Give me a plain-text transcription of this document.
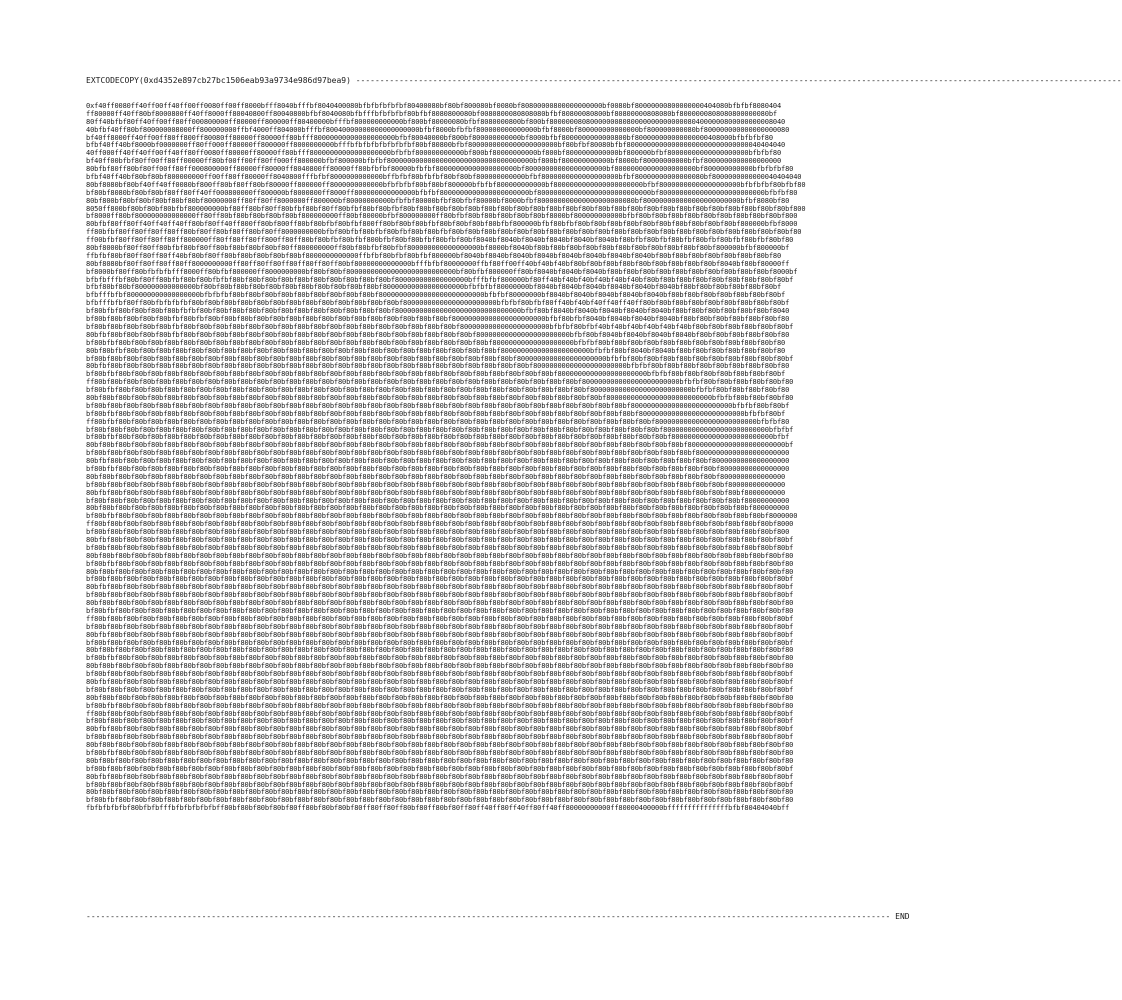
EXTCODECOPY(0xd4352e897cb27bc1506eab93a9734e986d97bea9) ---------------------------------------------------------------------------------------------------------------------------------------------------------------
0xf40ff0080ff40ff00ff40ff00ff0080ff00ff8000bfff8040bfffbf8040400080bfbfbfbfbfbf80400080bf80bf800080bf0080bf80800000800000000000bf0080bf80000000800000000404080bfbfbf8080404
ff80000ff40ff80bf8000800ff40ff8000ff80040800ff80040800bfbf8040080bfbfffbfbfbfbf80bfbf8080800080bf0080800080808080bfbf80800080800bf80800000808080bf8000000808080800000080bf
80ff40bfbf80ff40ff00ff80ff000800000ff80000ff800000ff80400000bfffbf800000000000bf800bf80000080bfbf8080000800bf800bf8000000808000000080800000000000000804000000800000000008040
40bfbf40ff80bf800000008000ff800000000ffbf4000ff804000bfffbf80040000000000000000000bfbf8000bfbfbf800000000000000bfbf8000bf800000000000000bf800000000080bf800000000000000000080
bf40ff8000ff40ff00ff80ff800ff80080ff80000ff80000ff80bfff80000000000000000000bfbf80040000bf800bf800000000000bf8000bfbf8000000000000800bf800000000000000000408000bfbfbfbf80
bfbf40ff40bf8000bf0000000ff80ff000ff80000ff800000ff8000000000bfffbfbfbfbfbfbfbfbf80bf80800bfbf8000000000000000000000bf80bfbf80080bfbf800000000000000000000000000000040404040
40ff000ff40ff40ff00ff40ff80ff0080ff80000ff80000ff80bfff80000000000000000000bfbfbf800000000000bf800bf80000000000bf800bf8000000000000bf800000bfbf80000000000000000000bfbfbf80
bf40ff00bfbf80ff00ff80ff00000ff80bf00ff00ff80ff000ff800000bfbf800000bfbfbf800000000000000000000000000000000000bf800bf800000000000bf8000bf80000000000bfbf8000000000000000000
80bfbf80ff80bf80ff00ff80ff000800000ff80000ff80000ff8040800ff80000ff80bfbfbf80000bfbfbf80000000000000000000bf80000000000000000000bf80000000000000000000bf800000000000bfbfbfbf80
bfbf40ff40bf80bf80bf800000000ff00ff80ff80000ff8040800fffbfbf8000000000000bffbfbf80bfbfbf80bf80bf800000000000bfbf8000000000000000000bfbf80000000000000080bf8000000000000040404040
80bf8080bf80bf40ff40ff0080bf800ff80bf80ff80bf80000ff800000ff8000000000000bfbfbfbf80bf80bf800000bfbfbf800000000000bf8000000000000000000000bfbf80000000000000000000bfbfbfbf80bfbf80
bf80bf8080bf80bf80bf80ff80ff40ff000800000ff800000bf8000800ff8000ff800000000000000bfbfbf8000000000000000000000bf8000000000000000000000000000bf80000000000000000000000000bfbfbf80
80bf800bf80bf80bf80bf80bf80bf80000000ff80ff80ff8000000ff800000bf80000000000bfbfbf80000bfbf80bfbf80000bf8000bfbf800000000000000000000080bf800000000000000000000000bfbf8080bf80
8050ff800bf80bf80bf80bfbf800000000bf80ff80bf80ff80bfbf80bf80ff80bfbf80bf80bfbf80bf80bf80bf80bf80bf80bf80bf80bf80bf80bf80bf80bf80bf80bf80bf80bf80bf80bf80bf80bf80bf80bf80bf80bf800
bf8000ff80bf800000000000000ff80ff80bf80bf80bf80bf80bf800000000ff80bf80000bfbf800000000ff80bfbf80bf80bf80bf80bf80bf8000bf800000000000bfbf80bf80bf80bf80bf80bf80bf80bf80bf80bf800
80bfbf80ff80ff40ff40ff40ff80bf80ff40ff800ff80bf800ff80bf80bfbf80bfbf800ff80bf80bf80bfbf80bf80bf80bf80bfbf800000bfbf80bfbf80bf80bf80bf80bf80bf80bf80bf80bf80bf80bf800000bfbf8000
ff80bfbf80ff80ff80ff80ff80bf80ff80bf80ff80bf80ff8000000000bfbf80bfbf80bfbf80bfbf80bf80bfbf80bf80bf80bf80bf80bf80bf80bf80bf80bf80bf80bf80bf80bf80bf80bf80bf80bf80bf80bf80bf80bf80
ff00bfbf80ff80ff80ff80ff800000ff80ff80ff80ff800ff80ff80bf80bfbf80bfbf800bfbf80bf80bfbf80bfbf80bf8040bf8040bf8040bf8040bf8040bf8040bf80bfbf80bfbf80bfbf80bfbf80bfbf80bfbf80bf80
80bf8000bf80ff80ff80bfbf80bf80ff80bf80bf80bf80bf80ff800000000ff80bf80bfbf80bfbf800000000000000000bf8000bf8040bf80bf80bf80bf80bf80bf80bf80bf80bf80bf80bf80bf800000bfbf800000bf
ffbfbf80bf80ff80ff80ff40bf80bf80ff80bf80bf80bf80bf80bf8000000000000ffbfbf80bfbf80bfbf800000bf8040bf8040bf8040bf8040bf8040bf8040bf8040bf8040bf80bf80bf80bf80bf80bf80bf80bf80
80bf8080bf80ff80ff80ff80ff8000000000ff80ff80ff80ff80ff80ff80ff80bf80000000000000bfffbfbf80000000ffbf80ff00ff40bf40bf40bf80bf80bf80bf80bf80bf80bf80bf80bf80bf8040bf80bf80000ff
bf8000bf80ff80bfbfbfbfff8000ff80bfbf800000ff8000000000bf80bf80bf800000000000000000000000000bf80bfbf800000ff80bf8040bf8040bf8040bf80bf80bf80bf80bf80bf80bf80bf80bf80bf80bf8000bf
bfbfbfffbf80bf80ff80bfbf80bf80bfbfbf80bf80bf80bf80bf80bf80bf80bf80bf80bf80bf800000000000000000bfffbfbf800000bf80ff40bf40bf40bf40bf40bf40bf80bf80bf80bf80bf80bf80bf80bf80bf80bf
bfbf80bf80bf800000000000000bf80bf80bf80bf80bf80bf80bf80bf80bf80bf80bf80bf80000000000000000000bfbfbfbf80000000bf8040bf8040bf8040bf8040bf8040bf8040bf80bf80bf80bf80bf80bf80bf
bfbfffbfbf800000000000000000bfbfbfbf80bf80bf80bf80bf80bf80bf80bf80bf80bf80000000000000000000000000bfbfbf80000000bf8040bf8040bf8040bf8040bf8040bf80bf80bf80bf80bf80bf80bf80bf
bfbfffbfbf80ff80bfbfbfbfbf80bf80bf80bf80bf80bf80bf80bf80bf80bf80bf80bf80bf80bf80000000000000000000000bfbfbf80bfbf80ff40bf40bf40ff40ff40ff80bf80bf80bf80bf80bf80bf80bf80bf80bf
bf80bfbf80bf80bf80bf80bfbfbf80bf80bf80bf80bf80bf80bf80bf80bf80bf80bf80bf80bf8000000000000000000000000000000bfbf80bf8040bf8040bf8040bf8040bf8040bf80bf80bf80bf80bf80bf80bf8040
bf80bf80bf80bf80bf80bfbf80bfbf80bf80bf80bf80bf80bf80bf80bf80bf80bf80bf80bf80bf80bf80bf80bf80000000000000000000000bfbf80bfbf8040bf8040bf8040bf8040bf80bf80bf80bf80bf80bf80bf80
bf80bf80bf80bf80bf80bfbf80bf80bf80bf80bf80bf80bf80bf80bf80bf80bf80bf80bf80bf80bf80bf80bf80bf8000000000000000000000bfbfbf80bfbf40bf40bf40bf40bf40bf40bf80bf80bf80bf80bf80bf80bf
80bfbf80bf80bf80bf80bfbf80bf80bf80bf80bf80bf80bf80bf80bf80bf80bf80bf80bf80bf80bf80bf80bf80bf80bf80000000000000000000000bfbf80bf8040bf8040bf8040bf8040bf80bf80bf80bf80bf80bf80
bf80bfbf80bf80bf80bf80bf80bf80bf80bf80bf80bf80bf80bf80bf80bf80bf80bf80bf80bf80bf80bf80bf80bf80bf80bf80000000000000000000bfbfbf80bf80bf80bf80bf80bf80bf80bf80bf80bf80bf80bf80
80bf80bfbf80bf80bf80bf80bf80bf80bf80bf80bf80bf80bf80bf80bf80bf80bf80bf80bf80bf80bf80bf80bf80bf80bf80bf8000000000000000000000bfbfbf80bf8040bf8040bf80bf80bf80bf80bf80bf80bf80
bf80bf80bf80bf80bf80bf80bf80bf80bf80bf80bf80bf80bf80bf80bf80bf80bf80bf80bf80bf80bf80bf80bf80bf80bf80bf80bf8000000000000000000000bfbfbf80bf80bf80bf80bf80bf80bf80bf80bf80bf80bf
80bfbf80bf80bf80bf80bf80bf80bf80bf80bf80bf80bf80bf80bf80bf80bf80bf80bf80bf80bf80bf80bf80bf80bf80bf80bf80bf80bf80000000000000000000000bfbfbf80bf80bf80bf80bf80bf80bf80bf80bf80
bf80bfbf80bf80bf80bf80bf80bf80bf80bf80bf80bf80bf80bf80bf80bf80bf80bf80bf80bf80bf80bf80bf80bf80bf80bf80bf80bf80bf80bf8000000000000000000000bfbfbf80bf80bf80bf80bf80bf80bf80bf
ff80bf80bf80bf80bf80bf80bf80bf80bf80bf80bf80bf80bf80bf80bf80bf80bf80bf80bf80bf80bf80bf80bf80bf80bf80bf80bf80bf80bf80bf80bf800000000000000000000000bfbfbf80bf80bf80bf80bf80bf80
bf80bfbf80bf80bf80bf80bf80bf80bf80bf80bf80bf80bf80bf80bf80bf80bf80bf80bf80bf80bf80bf80bf80bf80bf80bf80bf80bf80bf80bf80bf80bf8000000000000000000000000bfbfbf80bf80bf80bf80bf80
80bf80bf80bf80bf80bf80bf80bf80bf80bf80bf80bf80bf80bf80bf80bf80bf80bf80bf80bf80bf80bf80bf80bf80bf80bf80bf80bf80bf80bf80bf80bf80bf80000000000000000000000000bfbfbf80bf80bf80bf80
bf80bf80bf80bf80bf80bf80bf80bf80bf80bf80bf80bf80bf80bf80bf80bf80bf80bf80bf80bf80bf80bf80bf80bf80bf80bf80bf80bf80bf80bf80bf80bf80bf80bf8000000000000000000000000bfbfbf80bf80bf
bf80bfbf80bf80bf80bf80bf80bf80bf80bf80bf80bf80bf80bf80bf80bf80bf80bf80bf80bf80bf80bf80bf80bf80bf80bf80bf80bf80bf80bf80bf80bf80bf80bf80bf80000000000000000000000000bfbfbf80bf
ff80bfbf80bf80bf80bf80bf80bf80bf80bf80bf80bf80bf80bf80bf80bf80bf80bf80bf80bf80bf80bf80bf80bf80bf80bf80bf80bf80bf80bf80bf80bf80bf80bf80bf80bf8000000000000000000000000bfbfbf80
bf80bf80bf80bf80bf80bf80bf80bf80bf80bf80bf80bf80bf80bf80bf80bf80bf80bf80bf80bf80bf80bf80bf80bf80bf80bf80bf80bf80bf80bf80bf80bf80bf80bf80bf80bf80000000000000000000000000bfbfbf
bf80bfbf80bf80bf80bf80bf80bf80bf80bf80bf80bf80bf80bf80bf80bf80bf80bf80bf80bf80bf80bf80bf80bf80bf80bf80bf80bf80bf80bf80bf80bf80bf80bf80bf80bf80bf8000000000000000000000000bfbf
80bf80bf80bf80bf80bf80bf80bf80bf80bf80bf80bf80bf80bf80bf80bf80bf80bf80bf80bf80bf80bf80bf80bf80bf80bf80bf80bf80bf80bf80bf80bf80bf80bf80bf80bf80bf80bf800000000000000000000000bf
bf80bf80bf80bf80bf80bf80bf80bf80bf80bf80bf80bf80bf80bf80bf80bf80bf80bf80bf80bf80bf80bf80bf80bf80bf80bf80bf80bf80bf80bf80bf80bf80bf80bf80bf80bf80bf80bf80000000000000000000000
80bfbf80bf80bf80bf80bf80bf80bf80bf80bf80bf80bf80bf80bf80bf80bf80bf80bf80bf80bf80bf80bf80bf80bf80bf80bf80bf80bf80bf80bf80bf80bf80bf80bf80bf80bf80bf80bf80bf8000000000000000000
bf80bfbf80bf80bf80bf80bf80bf80bf80bf80bf80bf80bf80bf80bf80bf80bf80bf80bf80bf80bf80bf80bf80bf80bf80bf80bf80bf80bf80bf80bf80bf80bf80bf80bf80bf80bf80bf80bf80bf80000000000000000
80bf80bf80bf80bf80bf80bf80bf80bf80bf80bf80bf80bf80bf80bf80bf80bf80bf80bf80bf80bf80bf80bf80bf80bf80bf80bf80bf80bf80bf80bf80bf80bf80bf80bf80bf80bf80bf80bf80bf8000000000000000
bf80bf80bf80bf80bf80bf80bf80bf80bf80bf80bf80bf80bf80bf80bf80bf80bf80bf80bf80bf80bf80bf80bf80bf80bf80bf80bf80bf80bf80bf80bf80bf80bf80bf80bf80bf80bf80bf80bf80bf80000000000000
80bfbf80bf80bf80bf80bf80bf80bf80bf80bf80bf80bf80bf80bf80bf80bf80bf80bf80bf80bf80bf80bf80bf80bf80bf80bf80bf80bf80bf80bf80bf80bf80bf80bf80bf80bf80bf80bf80bf80bf80bf8000000000
bf80bf80bf80bf80bf80bf80bf80bf80bf80bf80bf80bf80bf80bf80bf80bf80bf80bf80bf80bf80bf80bf80bf80bf80bf80bf80bf80bf80bf80bf80bf80bf80bf80bf80bf80bf80bf80bf80bf80bf80bf80000000000
80bf80bf80bf80bf80bf80bf80bf80bf80bf80bf80bf80bf80bf80bf80bf80bf80bf80bf80bf80bf80bf80bf80bf80bf80bf80bf80bf80bf80bf80bf80bf80bf80bf80bf80bf80bf80bf80bf80bf80bf80bf800000000
bf80bfbf80bf80bf80bf80bf80bf80bf80bf80bf80bf80bf80bf80bf80bf80bf80bf80bf80bf80bf80bf80bf80bf80bf80bf80bf80bf80bf80bf80bf80bf80bf80bf80bf80bf80bf80bf80bf80bf80bf80bf80bf8000000
ff80bf80bf80bf80bf80bf80bf80bf80bf80bf80bf80bf80bf80bf80bf80bf80bf80bf80bf80bf80bf80bf80bf80bf80bf80bf80bf80bf80bf80bf80bf80bf80bf80bf80bf80bf80bf80bf80bf80bf80bf80bf80bf8000
bf80bf80bf80bf80bf80bf80bf80bf80bf80bf80bf80bf80bf80bf80bf80bf80bf80bf80bf80bf80bf80bf80bf80bf80bf80bf80bf80bf80bf80bf80bf80bf80bf80bf80bf80bf80bf80bf80bf80bf80bf80bf80bf800
80bfbf80bf80bf80bf80bf80bf80bf80bf80bf80bf80bf80bf80bf80bf80bf80bf80bf80bf80bf80bf80bf80bf80bf80bf80bf80bf80bf80bf80bf80bf80bf80bf80bf80bf80bf80bf80bf80bf80bf80bf80bf80bf80bf
bf80bf80bf80bf80bf80bf80bf80bf80bf80bf80bf80bf80bf80bf80bf80bf80bf80bf80bf80bf80bf80bf80bf80bf80bf80bf80bf80bf80bf80bf80bf80bf80bf80bf80bf80bf80bf80bf80bf80bf80bf80bf80bf80bf
80bf80bf80bf80bf80bf80bf80bf80bf80bf80bf80bf80bf80bf80bf80bf80bf80bf80bf80bf80bf80bf80bf80bf80bf80bf80bf80bf80bf80bf80bf80bf80bf80bf80bf80bf80bf80bf80bf80bf80bf80bf80bf80bf80
bf80bfbf80bf80bf80bf80bf80bf80bf80bf80bf80bf80bf80bf80bf80bf80bf80bf80bf80bf80bf80bf80bf80bf80bf80bf80bf80bf80bf80bf80bf80bf80bf80bf80bf80bf80bf80bf80bf80bf80bf80bf80bf80bf80
80bf80bf80bf80bf80bf80bf80bf80bf80bf80bf80bf80bf80bf80bf80bf80bf80bf80bf80bf80bf80bf80bf80bf80bf80bf80bf80bf80bf80bf80bf80bf80bf80bf80bf80bf80bf80bf80bf80bf80bf80bf80bf80bf80
bf80bf80bf80bf80bf80bf80bf80bf80bf80bf80bf80bf80bf80bf80bf80bf80bf80bf80bf80bf80bf80bf80bf80bf80bf80bf80bf80bf80bf80bf80bf80bf80bf80bf80bf80bf80bf80bf80bf80bf80bf80bf80bf80bf
80bfbf80bf80bf80bf80bf80bf80bf80bf80bf80bf80bf80bf80bf80bf80bf80bf80bf80bf80bf80bf80bf80bf80bf80bf80bf80bf80bf80bf80bf80bf80bf80bf80bf80bf80bf80bf80bf80bf80bf80bf80bf80bf80bf
bf80bf80bf80bf80bf80bf80bf80bf80bf80bf80bf80bf80bf80bf80bf80bf80bf80bf80bf80bf80bf80bf80bf80bf80bf80bf80bf80bf80bf80bf80bf80bf80bf80bf80bf80bf80bf80bf80bf80bf80bf80bf80bf80bf
80bf80bf80bf80bf80bf80bf80bf80bf80bf80bf80bf80bf80bf80bf80bf80bf80bf80bf80bf80bf80bf80bf80bf80bf80bf80bf80bf80bf80bf80bf80bf80bf80bf80bf80bf80bf80bf80bf80bf80bf80bf80bf80bf80
bf80bfbf80bf80bf80bf80bf80bf80bf80bf80bf80bf80bf80bf80bf80bf80bf80bf80bf80bf80bf80bf80bf80bf80bf80bf80bf80bf80bf80bf80bf80bf80bf80bf80bf80bf80bf80bf80bf80bf80bf80bf80bf80bf80
ff80bf80bf80bf80bf80bf80bf80bf80bf80bf80bf80bf80bf80bf80bf80bf80bf80bf80bf80bf80bf80bf80bf80bf80bf80bf80bf80bf80bf80bf80bf80bf80bf80bf80bf80bf80bf80bf80bf80bf80bf80bf80bf80bf
bf80bf80bf80bf80bf80bf80bf80bf80bf80bf80bf80bf80bf80bf80bf80bf80bf80bf80bf80bf80bf80bf80bf80bf80bf80bf80bf80bf80bf80bf80bf80bf80bf80bf80bf80bf80bf80bf80bf80bf80bf80bf80bf80bf
80bfbf80bf80bf80bf80bf80bf80bf80bf80bf80bf80bf80bf80bf80bf80bf80bf80bf80bf80bf80bf80bf80bf80bf80bf80bf80bf80bf80bf80bf80bf80bf80bf80bf80bf80bf80bf80bf80bf80bf80bf80bf80bf80bf
bf80bf80bf80bf80bf80bf80bf80bf80bf80bf80bf80bf80bf80bf80bf80bf80bf80bf80bf80bf80bf80bf80bf80bf80bf80bf80bf80bf80bf80bf80bf80bf80bf80bf80bf80bf80bf80bf80bf80bf80bf80bf80bf80bf
80bf80bf80bf80bf80bf80bf80bf80bf80bf80bf80bf80bf80bf80bf80bf80bf80bf80bf80bf80bf80bf80bf80bf80bf80bf80bf80bf80bf80bf80bf80bf80bf80bf80bf80bf80bf80bf80bf80bf80bf80bf80bf80bf80
bf80bfbf80bf80bf80bf80bf80bf80bf80bf80bf80bf80bf80bf80bf80bf80bf80bf80bf80bf80bf80bf80bf80bf80bf80bf80bf80bf80bf80bf80bf80bf80bf80bf80bf80bf80bf80bf80bf80bf80bf80bf80bf80bf80
80bf80bf80bf80bf80bf80bf80bf80bf80bf80bf80bf80bf80bf80bf80bf80bf80bf80bf80bf80bf80bf80bf80bf80bf80bf80bf80bf80bf80bf80bf80bf80bf80bf80bf80bf80bf80bf80bf80bf80bf80bf80bf80bf80
bf80bf80bf80bf80bf80bf80bf80bf80bf80bf80bf80bf80bf80bf80bf80bf80bf80bf80bf80bf80bf80bf80bf80bf80bf80bf80bf80bf80bf80bf80bf80bf80bf80bf80bf80bf80bf80bf80bf80bf80bf80bf80bf80bf
80bfbf80bf80bf80bf80bf80bf80bf80bf80bf80bf80bf80bf80bf80bf80bf80bf80bf80bf80bf80bf80bf80bf80bf80bf80bf80bf80bf80bf80bf80bf80bf80bf80bf80bf80bf80bf80bf80bf80bf80bf80bf80bf80bf
bf80bf80bf80bf80bf80bf80bf80bf80bf80bf80bf80bf80bf80bf80bf80bf80bf80bf80bf80bf80bf80bf80bf80bf80bf80bf80bf80bf80bf80bf80bf80bf80bf80bf80bf80bf80bf80bf80bf80bf80bf80bf80bf80bf
80bf80bf80bf80bf80bf80bf80bf80bf80bf80bf80bf80bf80bf80bf80bf80bf80bf80bf80bf80bf80bf80bf80bf80bf80bf80bf80bf80bf80bf80bf80bf80bf80bf80bf80bf80bf80bf80bf80bf80bf80bf80bf80bf80
bf80bfbf80bf80bf80bf80bf80bf80bf80bf80bf80bf80bf80bf80bf80bf80bf80bf80bf80bf80bf80bf80bf80bf80bf80bf80bf80bf80bf80bf80bf80bf80bf80bf80bf80bf80bf80bf80bf80bf80bf80bf80bf80bf80
ff80bf80bf80bf80bf80bf80bf80bf80bf80bf80bf80bf80bf80bf80bf80bf80bf80bf80bf80bf80bf80bf80bf80bf80bf80bf80bf80bf80bf80bf80bf80bf80bf80bf80bf80bf80bf80bf80bf80bf80bf80bf80bf80bf
bf80bf80bf80bf80bf80bf80bf80bf80bf80bf80bf80bf80bf80bf80bf80bf80bf80bf80bf80bf80bf80bf80bf80bf80bf80bf80bf80bf80bf80bf80bf80bf80bf80bf80bf80bf80bf80bf80bf80bf80bf80bf80bf80bf
80bfbf80bf80bf80bf80bf80bf80bf80bf80bf80bf80bf80bf80bf80bf80bf80bf80bf80bf80bf80bf80bf80bf80bf80bf80bf80bf80bf80bf80bf80bf80bf80bf80bf80bf80bf80bf80bf80bf80bf80bf80bf80bf80bf
bf80bf80bf80bf80bf80bf80bf80bf80bf80bf80bf80bf80bf80bf80bf80bf80bf80bf80bf80bf80bf80bf80bf80bf80bf80bf80bf80bf80bf80bf80bf80bf80bf80bf80bf80bf80bf80bf80bf80bf80bf80bf80bf80bf
80bf80bf80bf80bf80bf80bf80bf80bf80bf80bf80bf80bf80bf80bf80bf80bf80bf80bf80bf80bf80bf80bf80bf80bf80bf80bf80bf80bf80bf80bf80bf80bf80bf80bf80bf80bf80bf80bf80bf80bf80bf80bf80bf80
bf80bfbf80bf80bf80bf80bf80bf80bf80bf80bf80bf80bf80bf80bf80bf80bf80bf80bf80bf80bf80bf80bf80bf80bf80bf80bf80bf80bf80bf80bf80bf80bf80bf80bf80bf80bf80bf80bf80bf80bf80bf80bf80bf80
80bf80bf80bf80bf80bf80bf80bf80bf80bf80bf80bf80bf80bf80bf80bf80bf80bf80bf80bf80bf80bf80bf80bf80bf80bf80bf80bf80bf80bf80bf80bf80bf80bf80bf80bf80bf80bf80bf80bf80bf80bf80bf80bf80
bf80bf80bf80bf80bf80bf80bf80bf80bf80bf80bf80bf80bf80bf80bf80bf80bf80bf80bf80bf80bf80bf80bf80bf80bf80bf80bf80bf80bf80bf80bf80bf80bf80bf80bf80bf80bf80bf80bf80bf80bf80bf80bf80bf
80bfbf80bf80bf80bf80bf80bf80bf80bf80bf80bf80bf80bf80bf80bf80bf80bf80bf80bf80bf80bf80bf80bf80bf80bf80bf80bf80bf80bf80bf80bf80bf80bf80bf80bf80bf80bf80bf80bf80bf80bf80bf80bf80bf
bf80bf80bf80bf80bf80bf80bf80bf80bf80bf80bf80bf80bf80bf80bf80bf80bf80bf80bf80bf80bf80bf80bf80bf80bf80bf80bf80bf80bf80bf80bf80bf80bf80bf80bf80bf80bf80bf80bf80bf80bf80bf80bf80bf
80bf80bf80bf80bf80bf80bf80bf80bf80bf80bf80bf80bf80bf80bf80bf80bf80bf80bf80bf80bf80bf80bf80bf80bf80bf80bf80bf80bf80bf80bf80bf80bf80bf80bf80bf80bf80bf80bf80bf80bf80bf80bf80bf80
bf80bfbf80bf80bf80bf80bf80bf80bf80bf80bf80bf80bf80bf80bf80bf80bf80bf80bf80bf80bf80bf80bf80bf80bf80bf80bf80bf80bf80bf80bf80bf80bf80bf80bf80bf80bf80bf80bf80bf80bf80bf80bf80bf80
fbfbfbfbfbf80bfbfbfffbfbfbfbfbfbff80bf80bf80bf80bf80ff80bf80bf80bf80ff80ff80ff80bf80ff80bf80ff80ff40ff80ff40ff80ff40ff80000000000ff80000400000bfffffffffffffffbfbf80404040bff
----------------------------------------------------------------------------------------------------------------------------------------------------------------------- END
